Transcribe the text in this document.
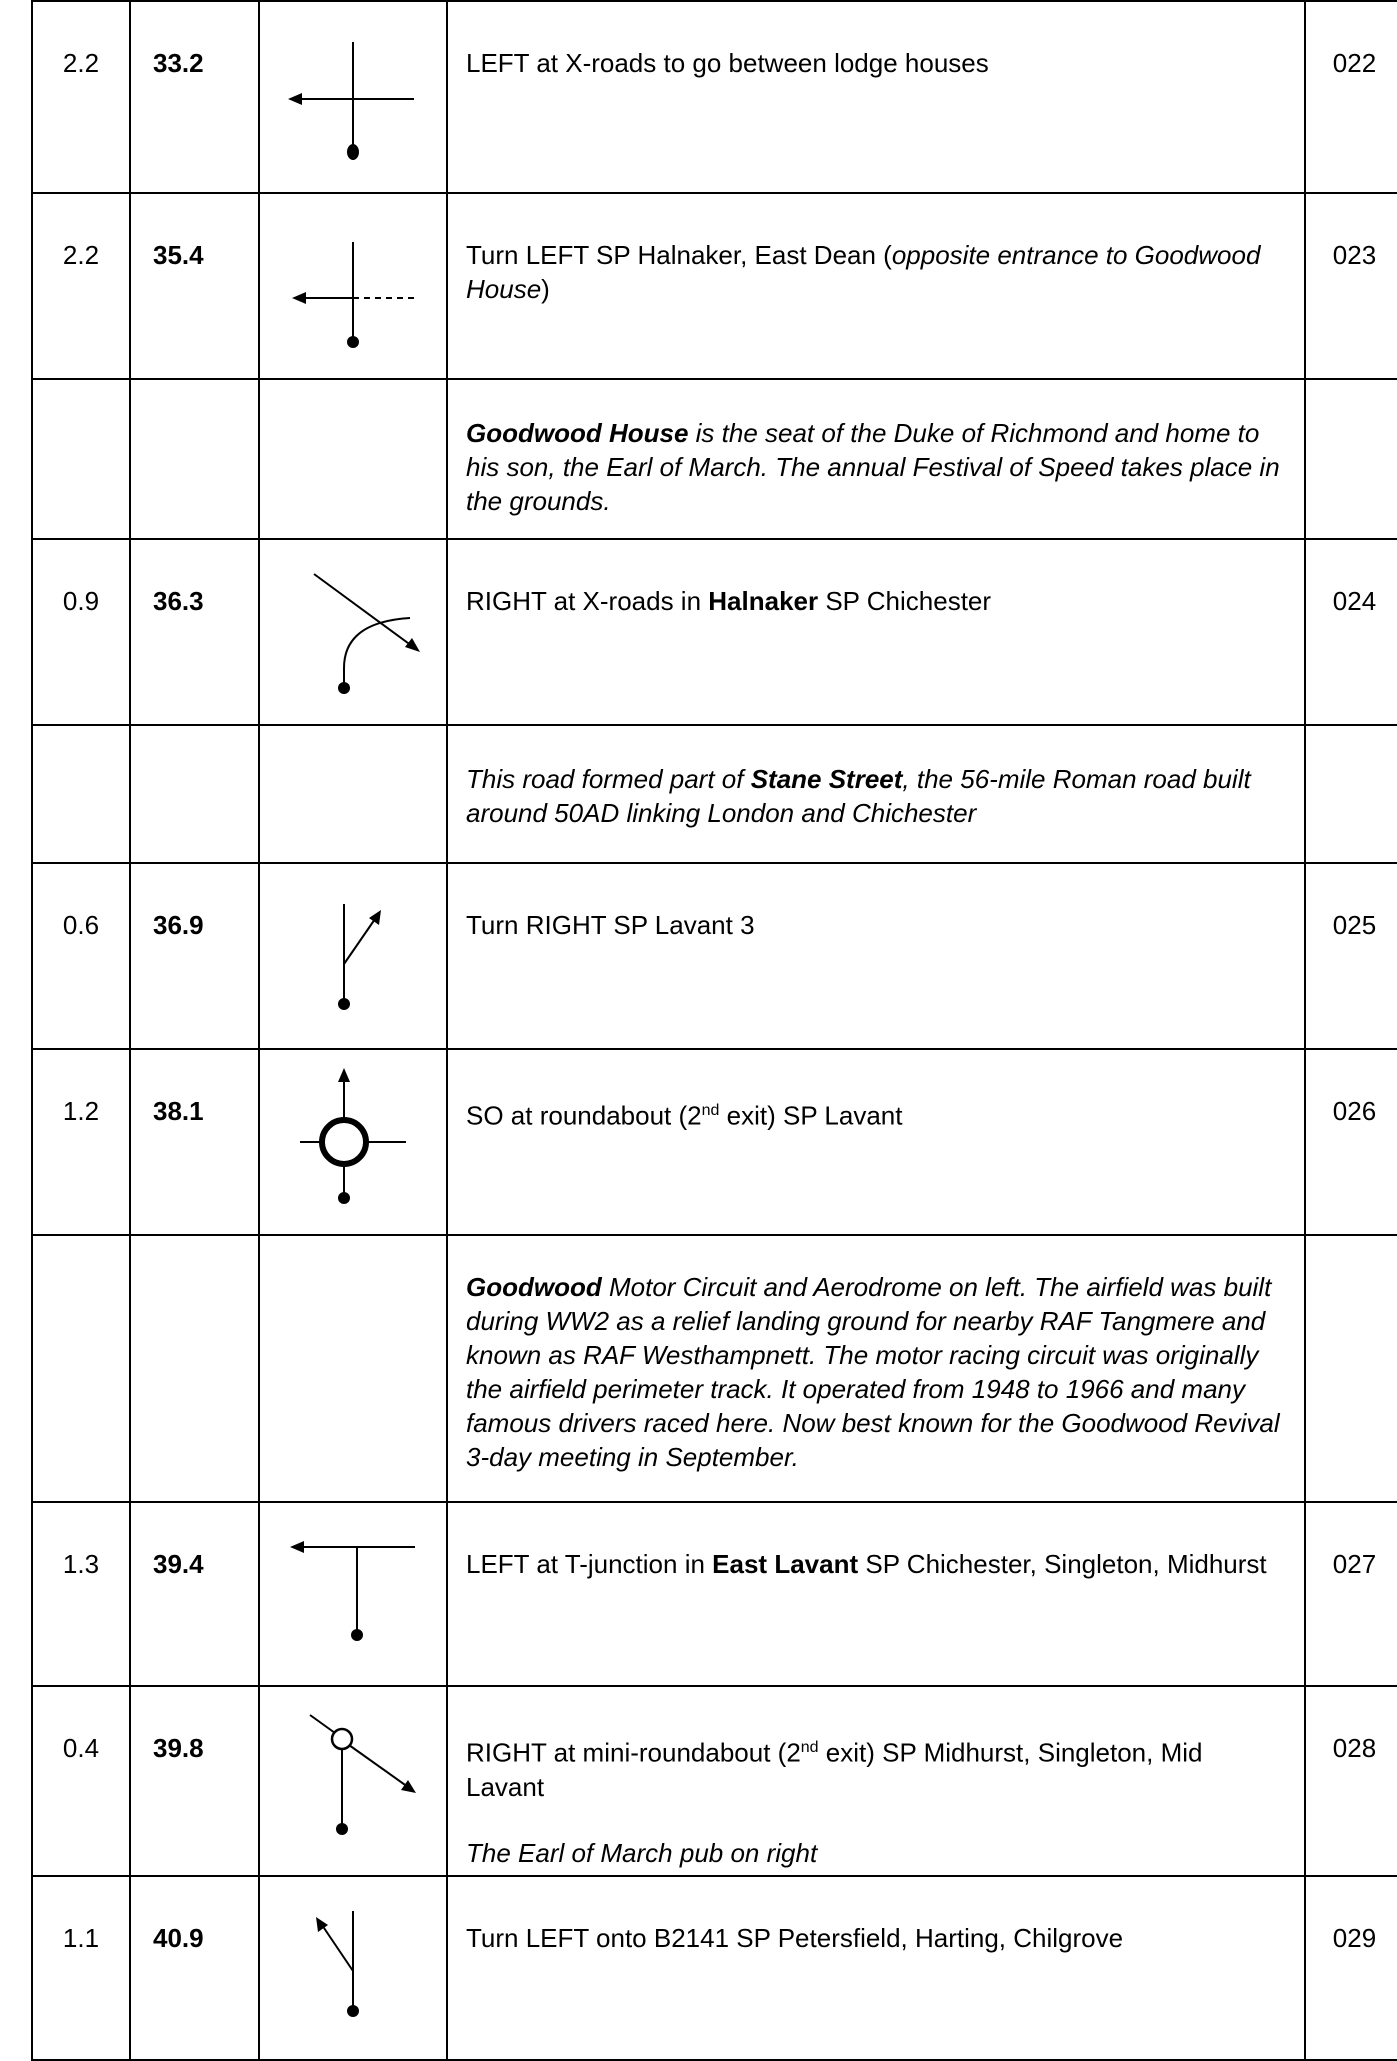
2.2	33.2		LEFT at X-roads to go between lodge houses	022
2.2	35.4		Turn LEFT SP Halnaker, East Dean (opposite entrance to Goodwood House)	023
			Goodwood House is the seat of the Duke of Richmond and home to his son, the Earl of March. The annual Festival of Speed takes place in the grounds.	
0.9	36.3		RIGHT at X-roads in Halnaker SP Chichester	024
			This road formed part of Stane Street, the 56-mile Roman road built around 50AD linking London and Chichester	
0.6	36.9		Turn RIGHT SP Lavant 3	025
1.2	38.1		SO at roundabout (2nd exit) SP Lavant	026
			Goodwood Motor Circuit and Aerodrome on left. The airfield was built during WW2 as a relief landing ground for nearby RAF Tangmere and known as RAF Westhampnett. The motor racing circuit was originally the airfield perimeter track. It operated from 1948 to 1966 and many famous drivers raced here. Now best known for the Goodwood Revival 3-day meeting in September.	
1.3	39.4		LEFT at T-junction in East Lavant SP Chichester, Singleton, Midhurst	027
0.4	39.8		RIGHT at mini-roundabout (2nd exit) SP Midhurst, Singleton, Mid Lavant

The Earl of March pub on right	028
1.1	40.9		Turn LEFT onto B2141 SP Petersfield, Harting, Chilgrove	029
